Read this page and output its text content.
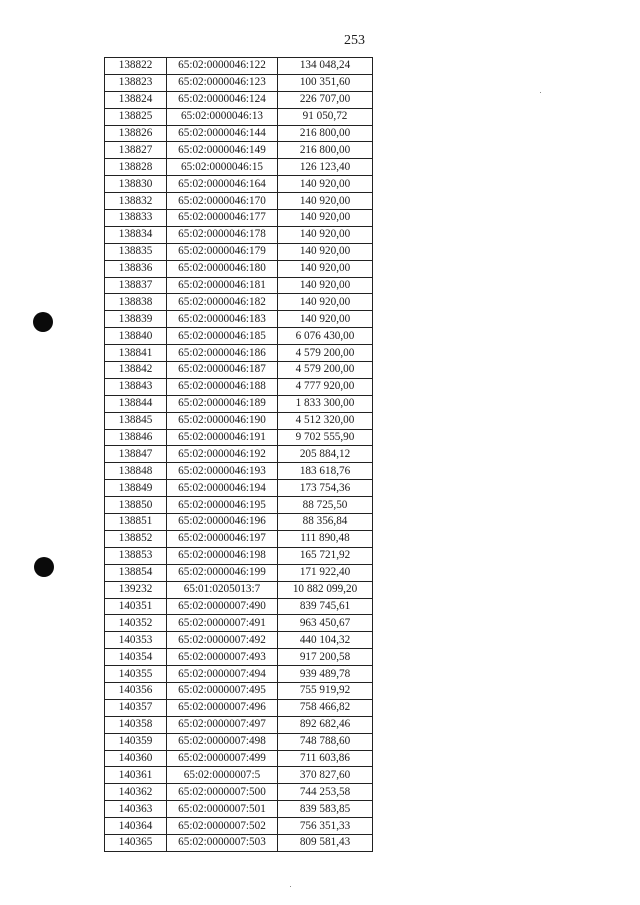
253
138822	65:02:0000046:122	134 048,24
138823	65:02:0000046:123	100 351,60
138824	65:02:0000046:124	226 707,00
138825	65:02:0000046:13	91 050,72
138826	65:02:0000046:144	216 800,00
138827	65:02:0000046:149	216 800,00
138828	65:02:0000046:15	126 123,40
138830	65:02:0000046:164	140 920,00
138832	65:02:0000046:170	140 920,00
138833	65:02:0000046:177	140 920,00
138834	65:02:0000046:178	140 920,00
138835	65:02:0000046:179	140 920,00
138836	65:02:0000046:180	140 920,00
138837	65:02:0000046:181	140 920,00
138838	65:02:0000046:182	140 920,00
138839	65:02:0000046:183	140 920,00
138840	65:02:0000046:185	6 076 430,00
138841	65:02:0000046:186	4 579 200,00
138842	65:02:0000046:187	4 579 200,00
138843	65:02:0000046:188	4 777 920,00
138844	65:02:0000046:189	1 833 300,00
138845	65:02:0000046:190	4 512 320,00
138846	65:02:0000046:191	9 702 555,90
138847	65:02:0000046:192	205 884,12
138848	65:02:0000046:193	183 618,76
138849	65:02:0000046:194	173 754,36
138850	65:02:0000046:195	88 725,50
138851	65:02:0000046:196	88 356,84
138852	65:02:0000046:197	111 890,48
138853	65:02:0000046:198	165 721,92
138854	65:02:0000046:199	171 922,40
139232	65:01:0205013:7	10 882 099,20
140351	65:02:0000007:490	839 745,61
140352	65:02:0000007:491	963 450,67
140353	65:02:0000007:492	440 104,32
140354	65:02:0000007:493	917 200,58
140355	65:02:0000007:494	939 489,78
140356	65:02:0000007:495	755 919,92
140357	65:02:0000007:496	758 466,82
140358	65:02:0000007:497	892 682,46
140359	65:02:0000007:498	748 788,60
140360	65:02:0000007:499	711 603,86
140361	65:02:0000007:5	370 827,60
140362	65:02:0000007:500	744 253,58
140363	65:02:0000007:501	839 583,85
140364	65:02:0000007:502	756 351,33
140365	65:02:0000007:503	809 581,43
